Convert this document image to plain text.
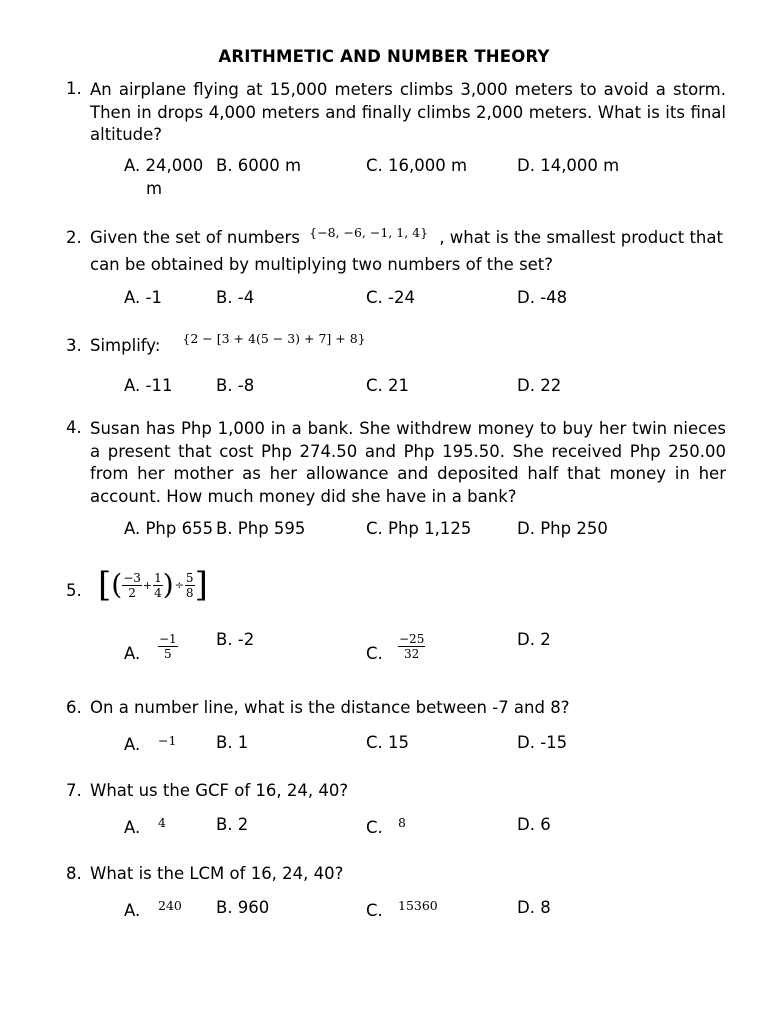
ARITHMETIC AND NUMBER THEORY
1. An airplane flying at 15,000 meters climbs 3,000 meters to avoid a storm. Then in drops 4,000 meters and finally climbs 2,000 meters. What is its final altitude?
A. 24,000
m
B. 6000 m	C. 16,000 m	D. 14,000 m
2. Given the set of numbers $^{\{-8, -6, -1, 1, 4\}}$ , what is the smallest product that can be obtained by multiplying two numbers of the set?
A. -1	B. -4	C. -24	D. -48
3. Simplify: {2 − [3 + 4(5 − 3) + 7] + 8}
A. -11	B. -8	C. 21	D. 22
4. Susan has Php 1,000 in a bank. She withdrew money to buy her twin nieces a present that cost Php 274.50 and Php 195.50. She received Php 250.00 from her mother as her allowance and deposited half that money in her account. How much money did she have in a bank?
A. Php 655 B. Php 595	C. Php 1,125	D. Php 250
5. [ ( $\frac{-3}{2} + \frac{1}{4}$ ) ÷ $\frac{5}{8}$ ]
A. $\frac{-1}{5} B$. -2
C. $\frac{-25}{32}$	D. 2
6. On a number line, what is the distance between -7 and 8?
A. −1 B. 1	C. 15	D. -15
7. What us the GCF of 16, 24, 40?
A. 4	B. 2	C. 8	D. 6
8. What is the LCM of 16, 24, 40?
A. 240 B. 960	C. 15360	D. 8
